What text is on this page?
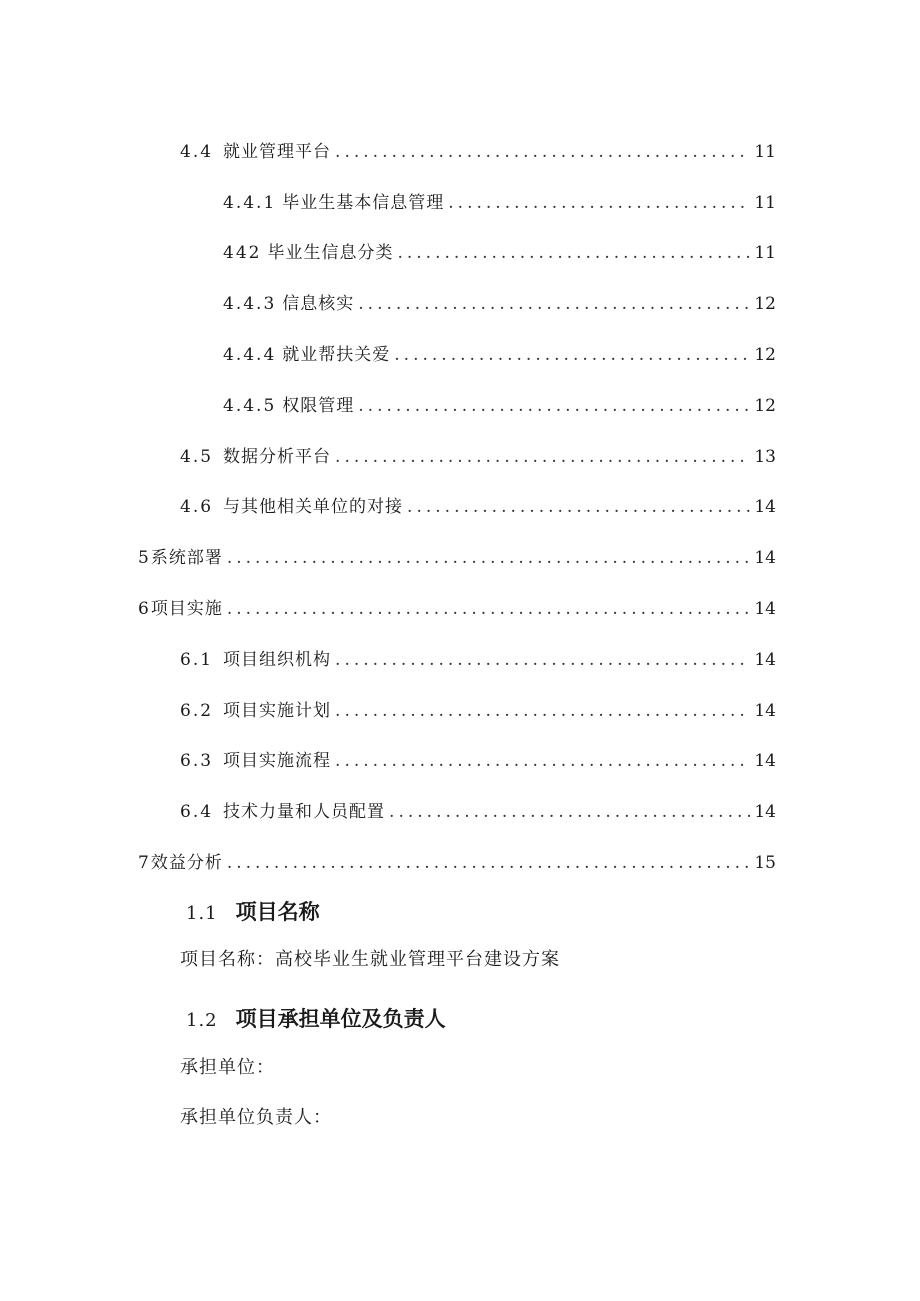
4.4 就业管理平台 .....	11
4.4.1 毕业生基本信息管理 .....	11
442 毕业生信息分类 .....	11
4.4.3 信息核实 .....	12
4.4.4 就业帮扶关爱 .....	12
4.4.5 权限管理 .....	12
4.5 数据分析平台 .....	13
4.6 与其他相关单位的对接 .....	14
5 系统部署 .....	14
6 项目实施 .....	14
6.1 项目组织机构 .....	14
6.2 项目实施计划 .....	14
6.3 项目实施流程 .....	14
6.4 技术力量和人员配置 .....	14
7 效益分析 .....	15
1.1 项目名称
项目名称：高校毕业生就业管理平台建设方案
1.2 项目承担单位及负责人
承担单位：
承担单位负责人：
